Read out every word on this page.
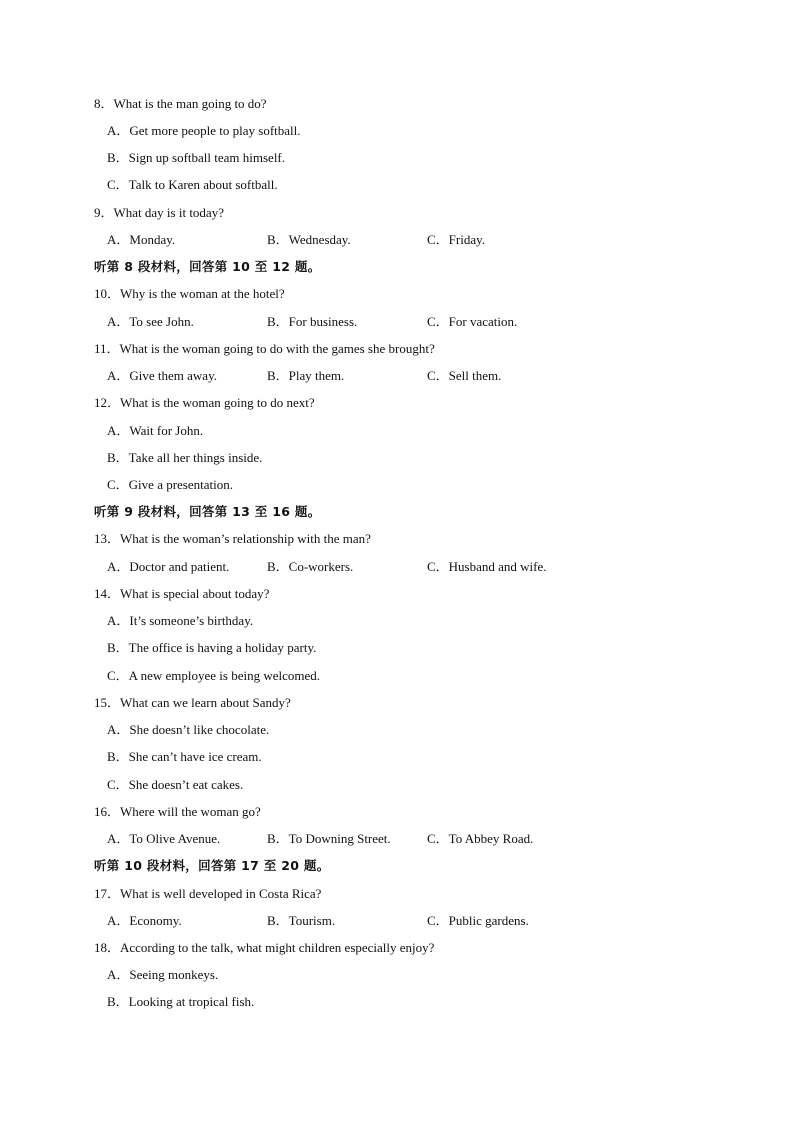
8．What is the man going to do?
A．Get more people to play softball.
B．Sign up softball team himself.
C．Talk to Karen about softball.
9．What day is it today?
A．Monday.	B．Wednesday.	C．Friday.
听第 8 段材料，回答第 10 至 12 题。
10．Why is the woman at the hotel?
A．To see John.	B．For business.	C．For vacation.
11．What is the woman going to do with the games she brought?
A．Give them away.	B．Play them.	C．Sell them.
12．What is the woman going to do next?
A．Wait for John.
B．Take all her things inside.
C．Give a presentation.
听第 9 段材料，回答第 13 至 16 题。
13．What is the woman’s relationship with the man?
A．Doctor and patient.	B．Co-workers.	C．Husband and wife.
14．What is special about today?
A．It’s someone’s birthday.
B．The office is having a holiday party.
C．A new employee is being welcomed.
15．What can we learn about Sandy?
A．She doesn’t like chocolate.
B．She can’t have ice cream.
C．She doesn’t eat cakes.
16．Where will the woman go?
A．To Olive Avenue.	B．To Downing Street.	C．To Abbey Road.
听第 10 段材料，回答第 17 至 20 题。
17．What is well developed in Costa Rica?
A．Economy.	B．Tourism.	C．Public gardens.
18．According to the talk, what might children especially enjoy?
A．Seeing monkeys.
B．Looking at tropical fish.
